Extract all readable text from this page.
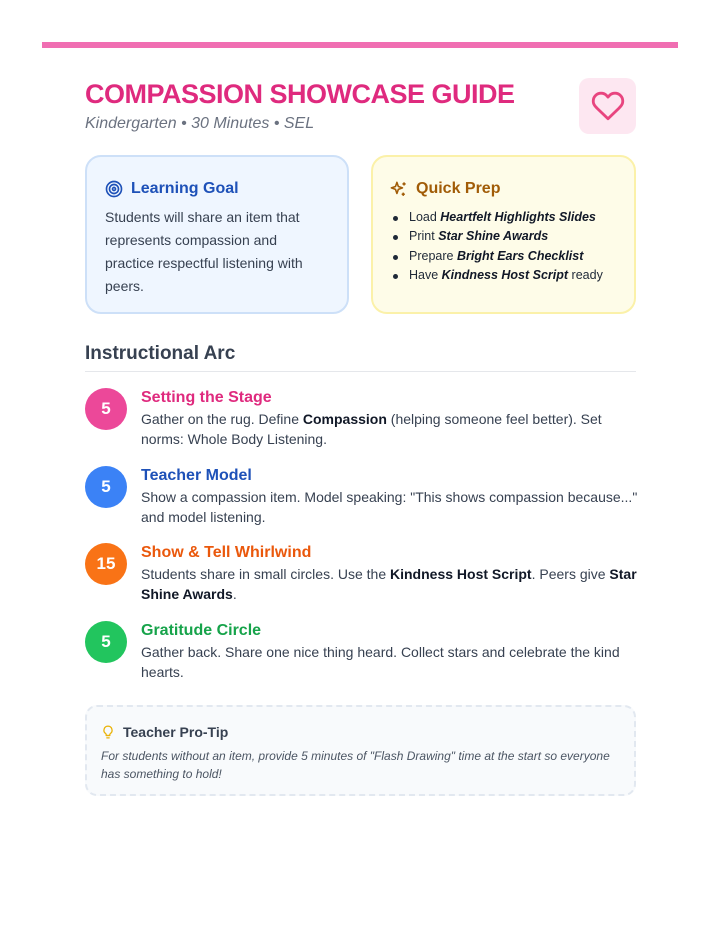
COMPASSION SHOWCASE GUIDE
Kindergarten • 30 Minutes • SEL
Learning Goal
Students will share an item that represents compassion and practice respectful listening with peers.
Quick Prep
Load Heartfelt Highlights Slides
Print Star Shine Awards
Prepare Bright Ears Checklist
Have Kindness Host Script ready
Instructional Arc
5
Setting the Stage
Gather on the rug. Define Compassion (helping someone feel better). Set norms: Whole Body Listening.
5
Teacher Model
Show a compassion item. Model speaking: "This shows compassion because..." and model listening.
15
Show & Tell Whirlwind
Students share in small circles. Use the Kindness Host Script. Peers give Star Shine Awards.
5
Gratitude Circle
Gather back. Share one nice thing heard. Collect stars and celebrate the kind hearts.
Teacher Pro-Tip
For students without an item, provide 5 minutes of "Flash Drawing" time at the start so everyone has something to hold!
